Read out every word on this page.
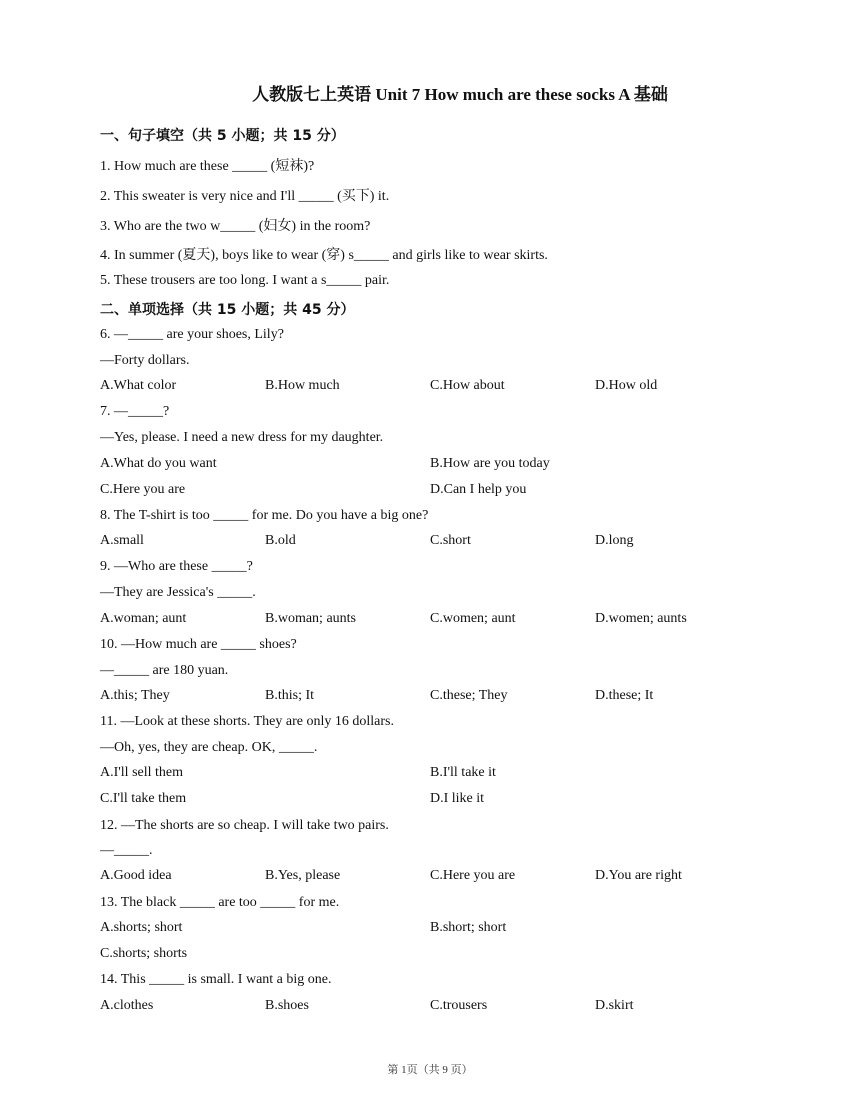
人教版七上英语 Unit 7 How much are these socks A 基础
一、句子填空（共 5 小题；共 15 分）
1. How much are these _____ (短袜)?
2. This sweater is very nice and I'll _____ (买下) it.
3. Who are the two w_____ (妇女) in the room?
4. In summer (夏天), boys like to wear (穿) s_____ and girls like to wear skirts.
5. These trousers are too long. I want a s_____ pair.
二、单项选择（共 15 小题；共 45 分）
6. —_____ are your shoes, Lily?
—Forty dollars.
A.What color	B.How much	C.How about	D.How old
7. —_____?
—Yes, please. I need a new dress for my daughter.
A.What do you want	B.How are you today
C.Here you are	D.Can I help you
8. The T-shirt is too _____ for me. Do you have a big one?
A.small	B.old	C.short	D.long
9. —Who are these _____?
—They are Jessica's _____.
A.woman; aunt	B.woman; aunts	C.women; aunt	D.women; aunts
10. —How much are _____ shoes?
—_____ are 180 yuan.
A.this; They	B.this; It	C.these; They	D.these; It
11. —Look at these shorts. They are only 16 dollars.
—Oh, yes, they are cheap. OK, _____.
A.I'll sell them	B.I'll take it
C.I'll take them	D.I like it
12. —The shorts are so cheap. I will take two pairs.
—_____.
A.Good idea	B.Yes, please	C.Here you are	D.You are right
13. The black _____ are too _____ for me.
A.shorts; short	B.short; short
C.shorts; shorts
14. This _____ is small. I want a big one.
A.clothes	B.shoes	C.trousers	D.skirt
第 1页（共 9 页）
